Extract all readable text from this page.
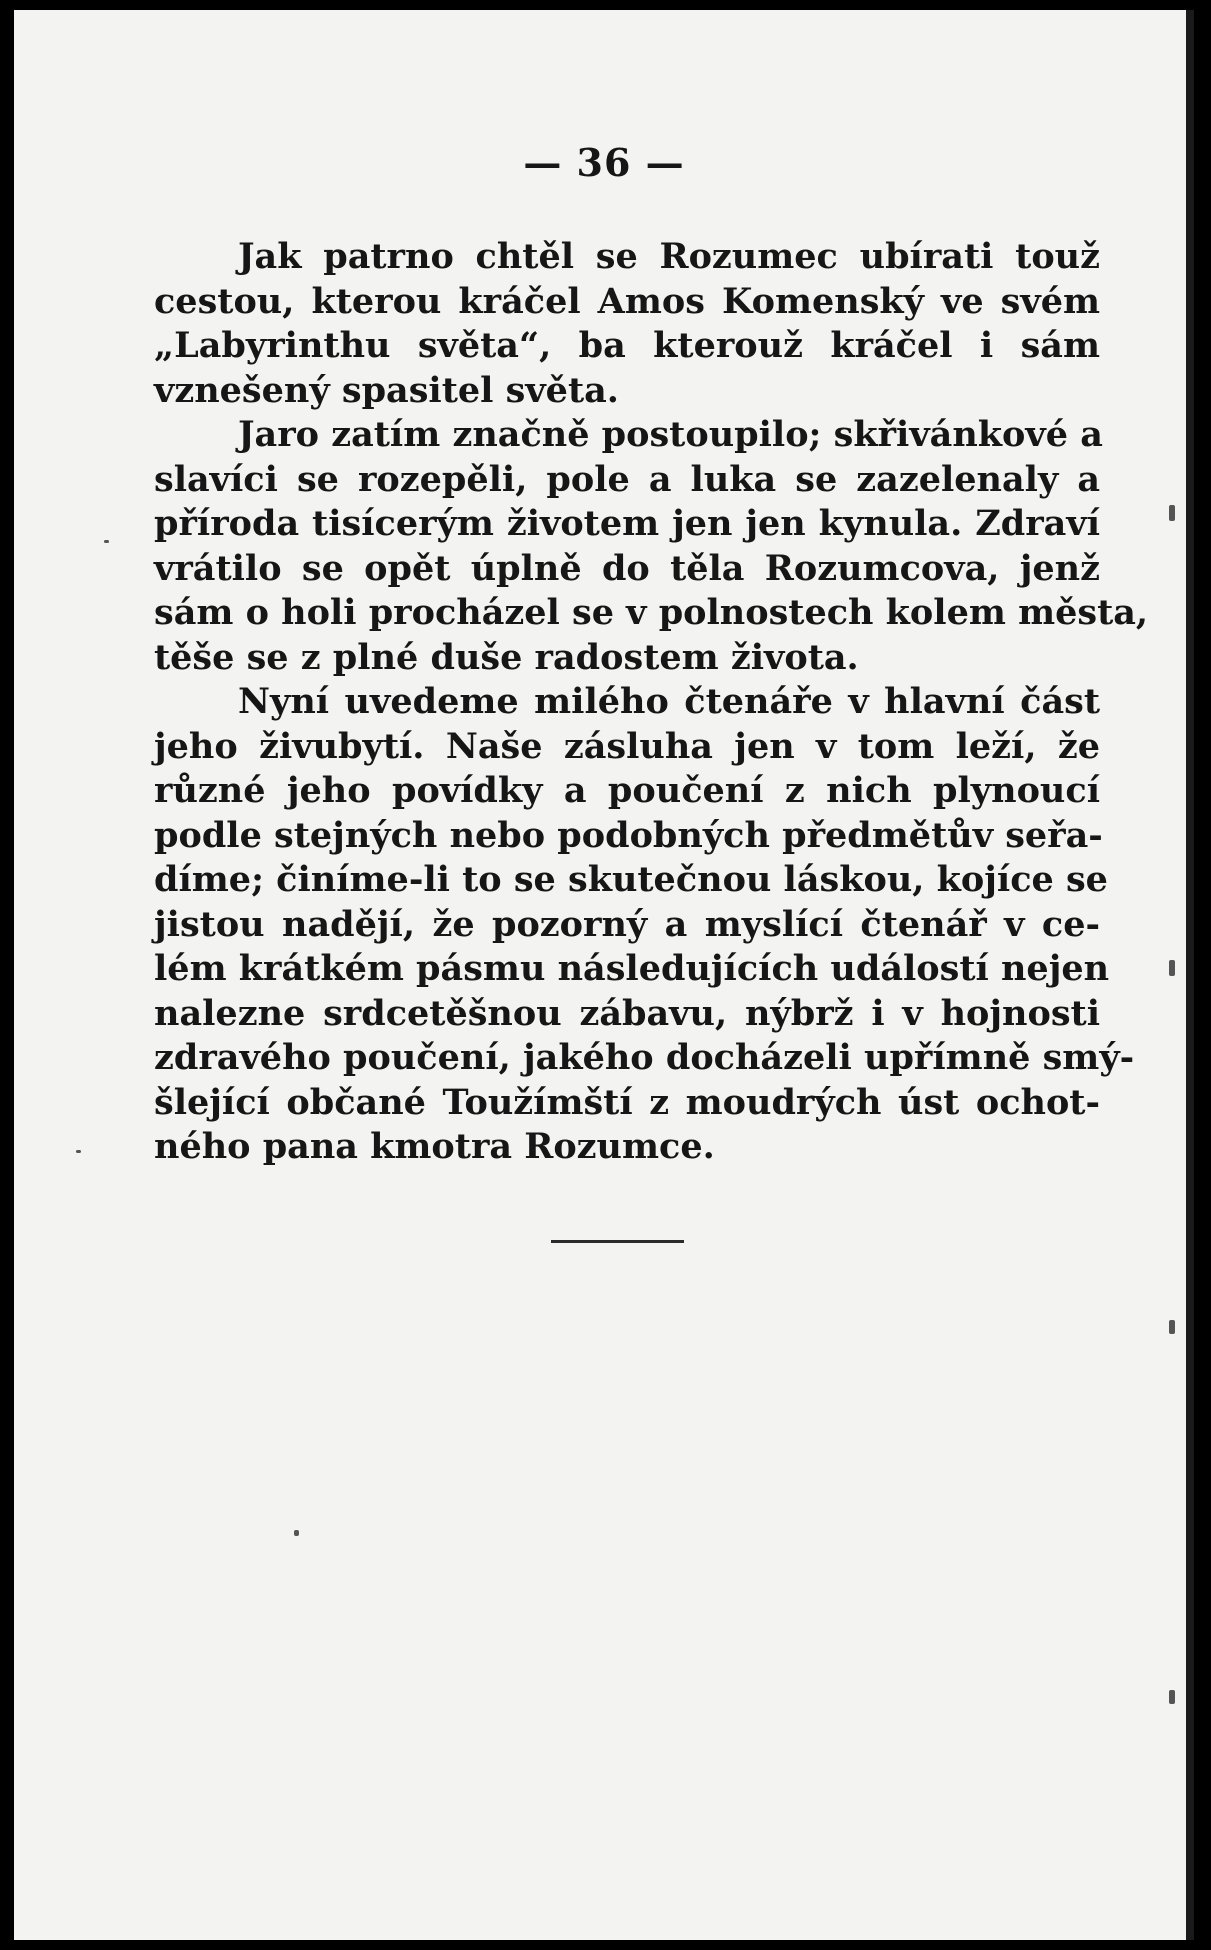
— 36 —
Jak patrno chtěl se Rozumec ubírati touž
cestou, kterou kráčel Amos Komenský ve svém
„Labyrinthu světa“, ba kterouž kráčel i sám
vznešený spasitel světa.
Jaro zatím značně postoupilo; skřivánkové a
slavíci se rozepěli, pole a luka se zazelenaly a
příroda tisícerým životem jen jen kynula. Zdraví
vrátilo se opět úplně do těla Rozumcova, jenž
sám o holi procházel se v polnostech kolem města,
těše se z plné duše radostem života.
Nyní uvedeme milého čtenáře v hlavní část
jeho živubytí. Naše zásluha jen v tom leží, že
různé jeho povídky a poučení z nich plynoucí
podle stejných nebo podobných předmětův seřa-
díme; činíme-li to se skutečnou láskou, kojíce se
jistou nadějí, že pozorný a myslící čtenář v ce-
lém krátkém pásmu následujících událostí nejen
nalezne srdcetěšnou zábavu, nýbrž i v hojnosti
zdravého poučení, jakého docházeli upřímně smý-
šlející občané Toužímští z moudrých úst ochot-
ného pana kmotra Rozumce.
